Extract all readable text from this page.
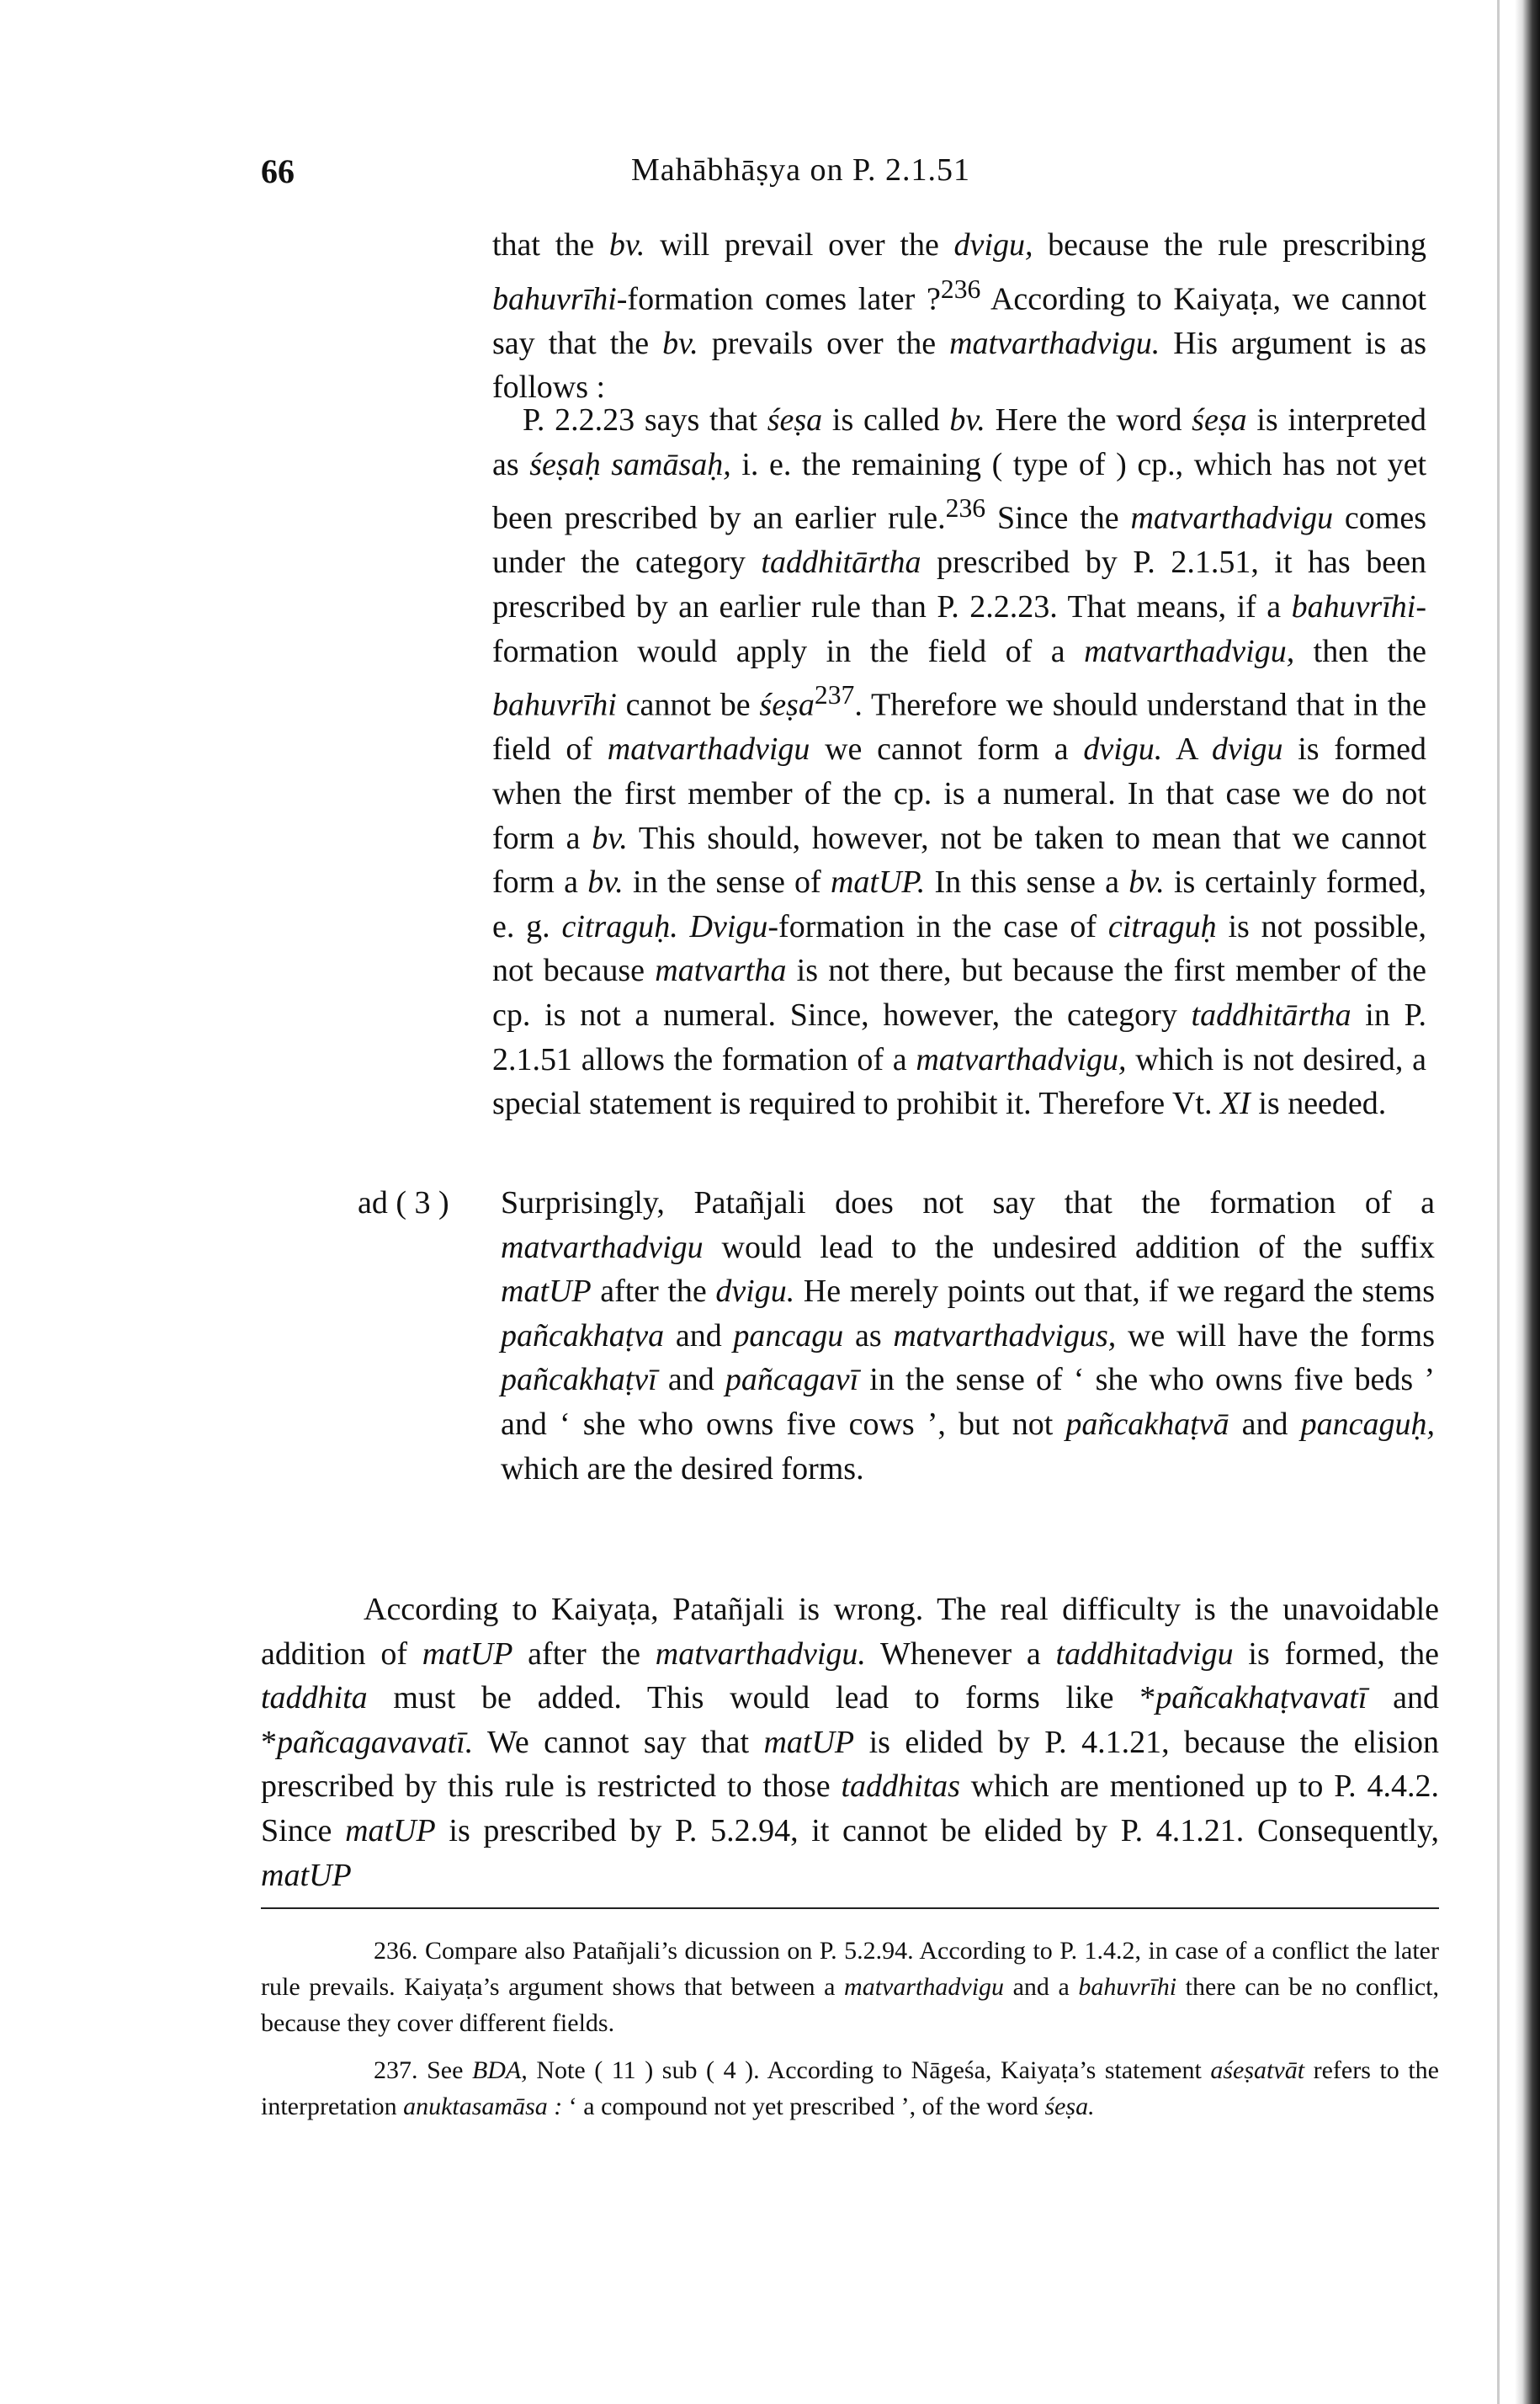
66	Mahābhāṣya on P. 2.1.51

that the bv. will prevail over the dvigu, because the rule prescribing bahuvrīhi-formation comes later ?$^{236}$ According to Kaiyaṭa, we cannot say that the bv. prevails over the matvarthadvigu. His argument is as follows :

P. 2.2.23 says that śeṣa is called bv. Here the word śeṣa is interpreted as śeṣaḥ samāsaḥ, i. e. the remaining ( type of ) cp., which has not yet been prescribed by an earlier rule.$^{236}$ Since the matvarthadvigu comes under the category taddhitārtha prescribed by P. 2.1.51, it has been prescribed by an earlier rule than P. 2.2.23. That means, if a bahuvrīhi-formation would apply in the field of a matvarthadvigu, then the bahuvrīhi cannot be śeṣa$^{237}$. Therefore we should understand that in the field of matvarthadvigu we cannot form a dvigu. A dvigu is formed when the first member of the cp. is a numeral. In that case we do not form a bv. This should, however, not be taken to mean that we cannot form a bv. in the sense of matUP. In this sense a bv. is certainly formed, e. g. citraguḥ. Dvigu-formation in the case of citraguḥ is not possible, not because matvartha is not there, but because the first member of the cp. is not a numeral. Since, however, the category taddhitārtha in P. 2.1.51 allows the formation of a matvarthadvigu, which is not desired, a special statement is required to prohibit it. Therefore Vt. XI is needed.

ad ( 3 ) Surprisingly, Patañjali does not say that the formation of a matvarthadvigu would lead to the undesired addition of the suffix matUP after the dvigu. He merely points out that, if we regard the stems pañcakhaṭva and pancagu as matvarthadvigus, we will have the forms pañcakhaṭvī and pañcagavī in the sense of ‘ she who owns five beds ’ and ‘ she who owns five cows ’, but not pañcakhaṭvā and pancaguḥ, which are the desired forms.

According to Kaiyaṭa, Patañjali is wrong. The real difficulty is the unavoidable addition of matUP after the matvarthadvigu. Whenever a taddhitadvigu is formed, the taddhita must be added. This would lead to forms like *pañcakhaṭvavatī and *pañcagavavatī. We cannot say that matUP is elided by P. 4.1.21, because the elision prescribed by this rule is restricted to those taddhitas which are mentioned up to P. 4.4.2. Since matUP is prescribed by P. 5.2.94, it cannot be elided by P. 4.1.21. Consequently, matUP

236. Compare also Patañjali’s dicussion on P. 5.2.94. According to P. 1.4.2, in case of a conflict the later rule prevails. Kaiyaṭa’s argument shows that between a matvarthadvigu and a bahuvrīhi there can be no conflict, because they cover different fields.

237. See BDA, Note ( 11 ) sub ( 4 ). According to Nāgeśa, Kaiyaṭa’s statement aśeṣatvāt refers to the interpretation anuktasamāsa : ‘ a compound not yet prescribed ’, of the word śeṣa.
